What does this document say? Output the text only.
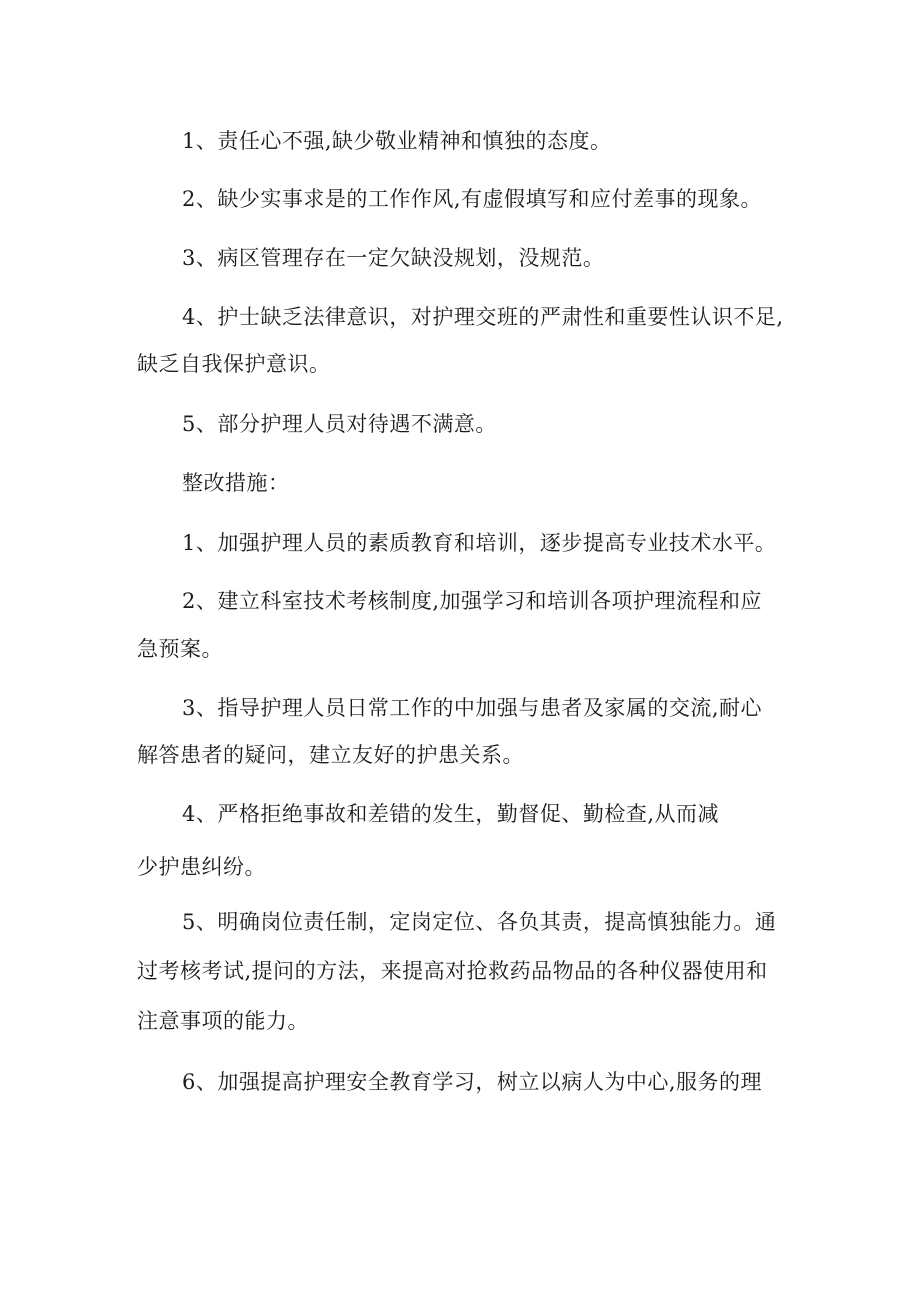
1、责任心不强,缺少敬业精神和慎独的态度。
2、缺少实事求是的工作作风,有虚假填写和应付差事的现象。
3、病区管理存在一定欠缺没规划，没规范。
4、护士缺乏法律意识，对护理交班的严肃性和重要性认识不足,
缺乏自我保护意识。
5、部分护理人员对待遇不满意。
整改措施：
1、加强护理人员的素质教育和培训，逐步提高专业技术水平。
2、建立科室技术考核制度,加强学习和培训各项护理流程和应
急预案。
3、指导护理人员日常工作的中加强与患者及家属的交流,耐心
解答患者的疑问，建立友好的护患关系。
4、严格拒绝事故和差错的发生，勤督促、勤检查,从而减
少护患纠纷。
5、明确岗位责任制，定岗定位、各负其责，提高慎独能力。通
过考核考试,提问的方法，来提高对抢救药品物品的各种仪器使用和
注意事项的能力。
6、加强提高护理安全教育学习，树立以病人为中心,服务的理
